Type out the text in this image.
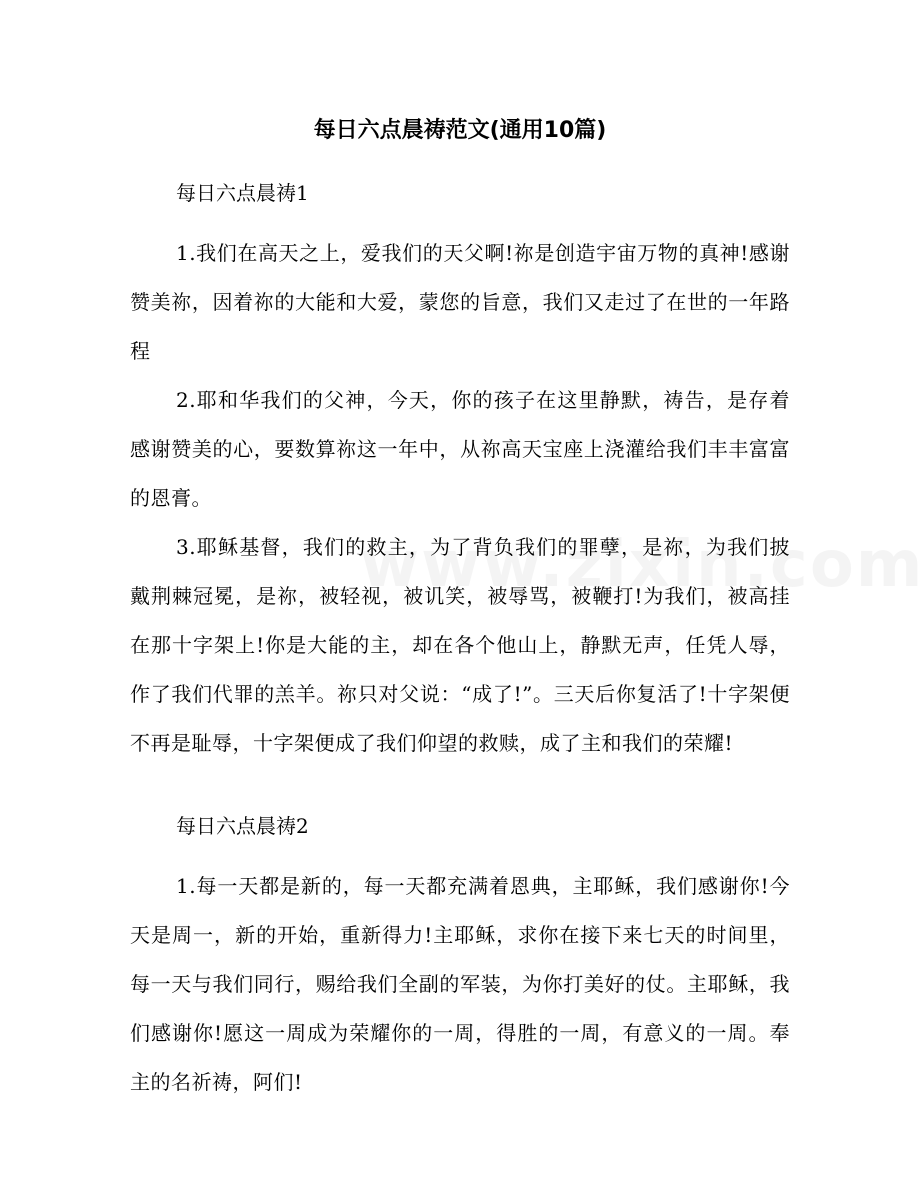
每日六点晨祷范文(通用10篇)
每日六点晨祷1
1.我们在高天之上，爱我们的天父啊!祢是创造宇宙万物的真神!感谢赞美祢，因着祢的大能和大爱，蒙您的旨意，我们又走过了在世的一年路程
2.耶和华我们的父神，今天，你的孩子在这里静默，祷告，是存着感谢赞美的心，要数算祢这一年中，从祢高天宝座上浇灌给我们丰丰富富的恩膏。
3.耶稣基督，我们的救主，为了背负我们的罪孽，是祢，为我们披戴荆棘冠冕，是祢，被轻视，被讥笑，被辱骂，被鞭打!为我们，被高挂在那十字架上!你是大能的主，却在各个他山上，静默无声，任凭人辱，作了我们代罪的羔羊。祢只对父说：“成了!”。三天后你复活了!十字架便不再是耻辱，十字架便成了我们仰望的救赎，成了主和我们的荣耀!
每日六点晨祷2
1.每一天都是新的，每一天都充满着恩典，主耶稣，我们感谢你!今天是周一，新的开始，重新得力!主耶稣，求你在接下来七天的时间里，每一天与我们同行，赐给我们全副的军装，为你打美好的仗。主耶稣，我们感谢你!愿这一周成为荣耀你的一周，得胜的一周，有意义的一周。奉主的名祈祷，阿们!
